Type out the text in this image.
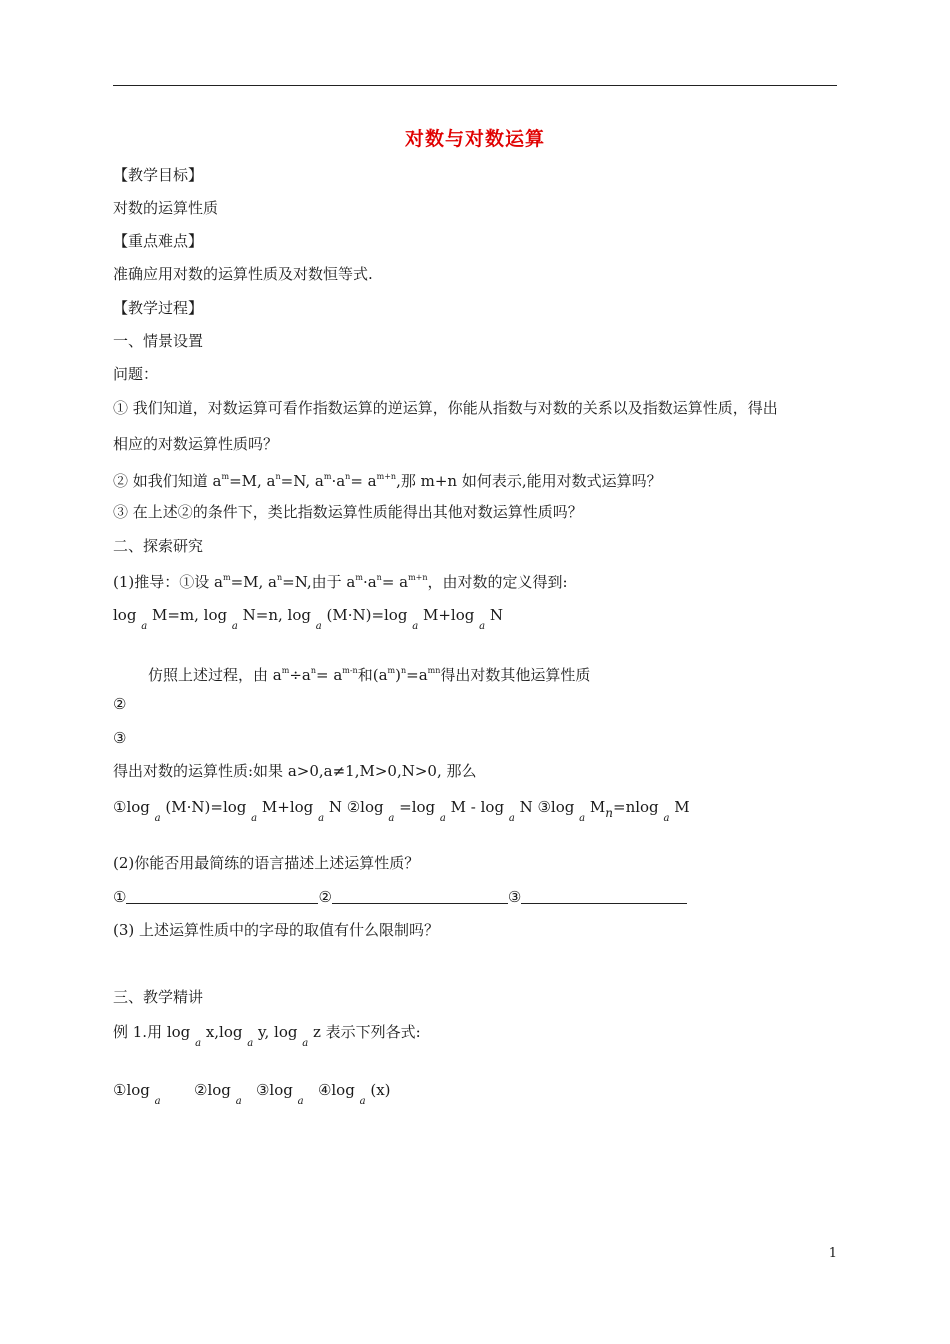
对数与对数运算
【教学目标】
对数的运算性质
【重点难点】
准确应用对数的运算性质及对数恒等式.
【教学过程】
一、情景设置
问题：
① 我们知道，对数运算可看作指数运算的逆运算，你能从指数与对数的关系以及指数运算性质，得出
相应的对数运算性质吗？
② 如我们知道 $a^m=M$, $a^n=N$, $a^m\cdot a^n= a^{m+n}$,那 m+n 如何表示,能用对数式运算吗？
③ 在上述②的条件下，类比指数运算性质能得出其他对数运算性质吗？
二、探索研究
(1)推导：①设 $a^m=M$, $a^n=N$,由于 $a^m\cdot a^n= a^{m+n}$，由对数的定义得到:
log $_a$ M=m, log $_a$ N=n, log $_a$ (M·N)=log $_a$ M+log $_a$ N
仿照上述过程，由 $a^m\div a^n= a^{m-n}$和$(a^m)^n=a^{mn}$得出对数其他运算性质
②
③
得出对数的运算性质:如果 a>0,a≠1,M>0,N>0, 那么
①log $_a$ (M·N)=log $_a$ M+log $_a$ N ②log $_a$ =log $_a$ M - log $_a$ N ③log $_a$ $M_n=nlog$ $_a$ M
(2)你能否用最简练的语言描述上述运算性质？
①	②	③
(3) 上述运算性质中的字母的取值有什么限制吗？
三、教学精讲
例 1.用 log $_a$ x,log $_a$ y, log $_a$ z 表示下列各式:
①log $_a$       ②log $_a$   ③log $_a$   ④log $_a$ (x)
1
